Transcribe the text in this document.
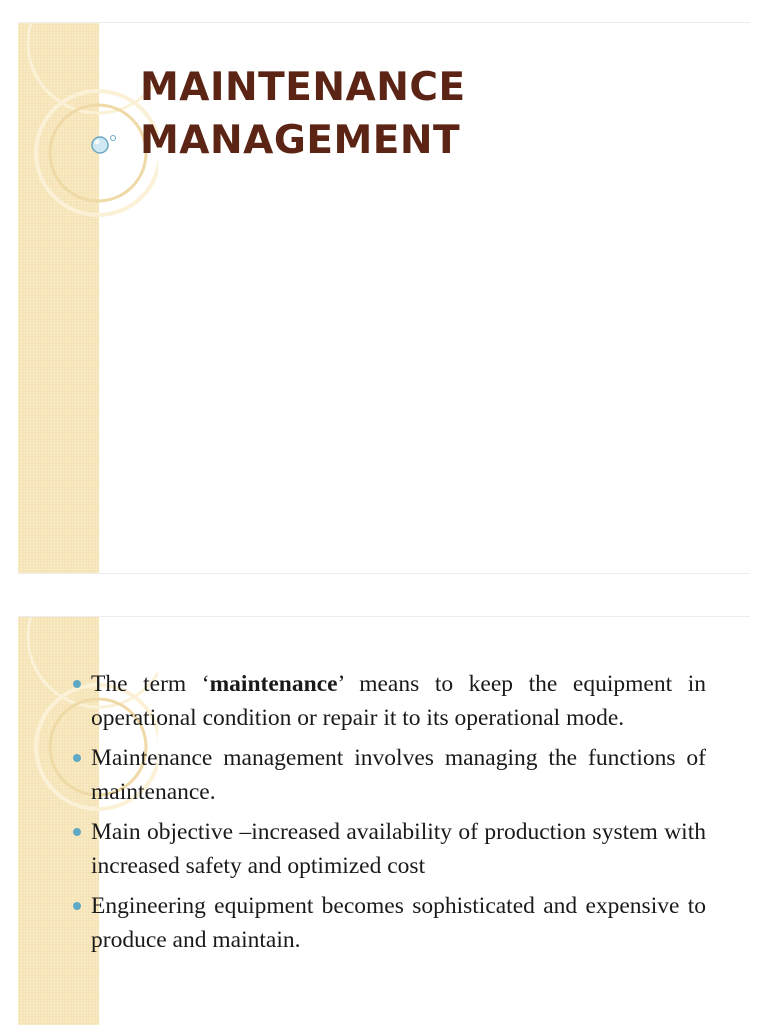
MAINTENANCE
MANAGEMENT
The term ‘maintenance’ means to keep the equipment in operational condition or repair it to its operational mode.
Maintenance management involves managing the functions of maintenance.
Main objective –increased availability of production system with increased safety and optimized cost
Engineering equipment becomes sophisticated and expensive to produce and maintain.
